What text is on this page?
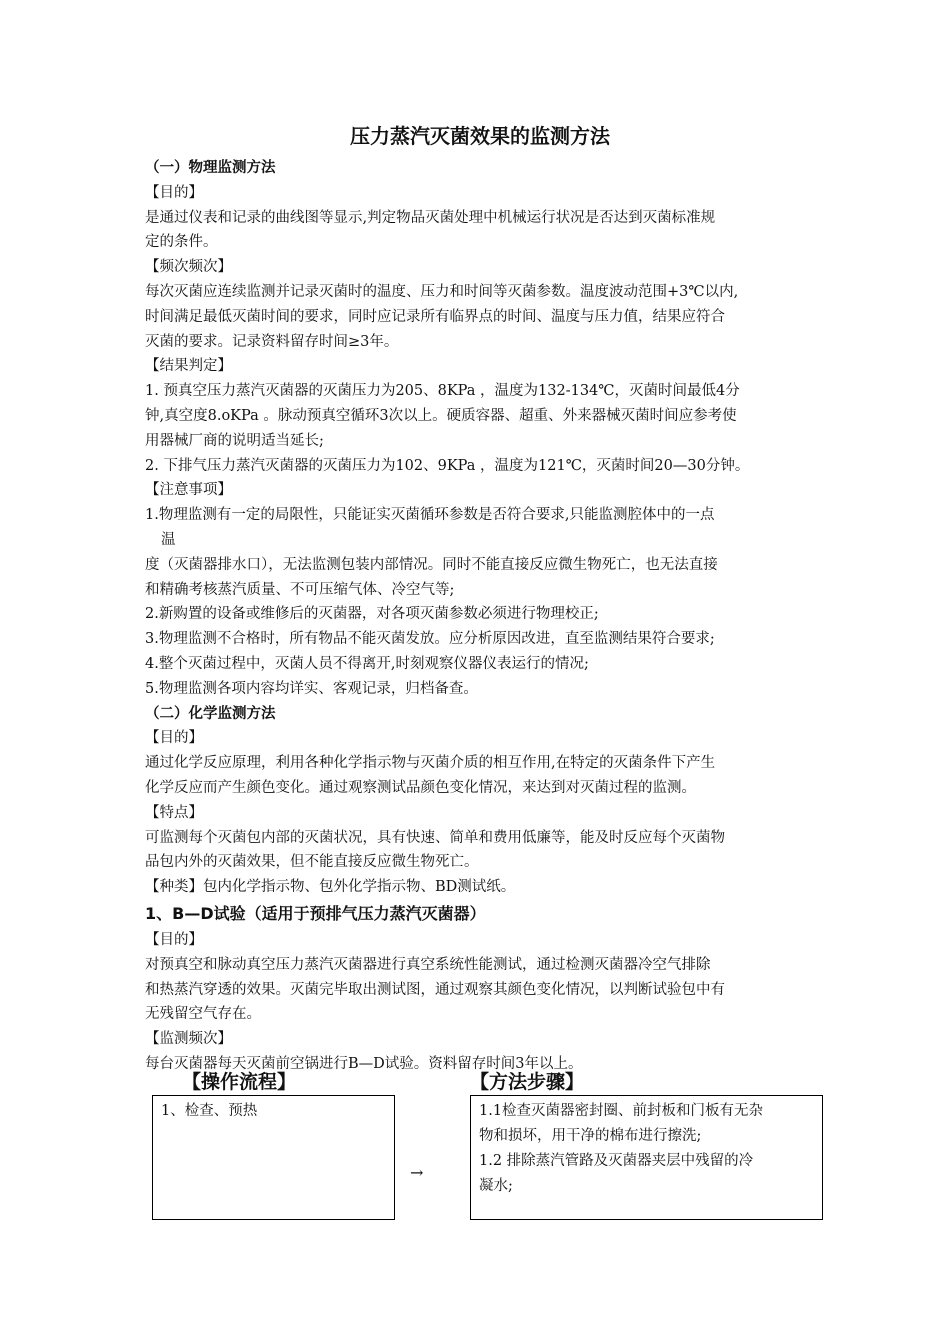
压力蒸汽灭菌效果的监测方法
（一）物理监测方法
【目的】
是通过仪表和记录的曲线图等显示,判定物品灭菌处理中机械运行状况是否达到灭菌标准规
定的条件。
【频次频次】
每次灭菌应连续监测并记录灭菌时的温度、压力和时间等灭菌参数。温度波动范围+3℃以内,
时间满足最低灭菌时间的要求，同时应记录所有临界点的时间、温度与压力值，结果应符合
灭菌的要求。记录资料留存时间≥3年。
【结果判定】
1. 预真空压力蒸汽灭菌器的灭菌压力为205、8KPa ，温度为132-134℃，灭菌时间最低4分
钟,真空度8.oKPa 。脉动预真空循环3次以上。硬质容器、超重、外来器械灭菌时间应参考使
用器械厂商的说明适当延长;
2. 下排气压力蒸汽灭菌器的灭菌压力为102、9KPa ，温度为121℃，灭菌时间20—30分钟。
【注意事项】
1.物理监测有一定的局限性，只能证实灭菌循环参数是否符合要求,只能监测腔体中的一点
温
度（灭菌器排水口），无法监测包装内部情况。同时不能直接反应微生物死亡，也无法直接
和精确考核蒸汽质量、不可压缩气体、冷空气等;
2.新购置的设备或维修后的灭菌器，对各项灭菌参数必须进行物理校正;
3.物理监测不合格时，所有物品不能灭菌发放。应分析原因改进，直至监测结果符合要求;
4.整个灭菌过程中，灭菌人员不得离开,时刻观察仪器仪表运行的情况;
5.物理监测各项内容均详实、客观记录，归档备查。
（二）化学监测方法
【目的】
通过化学反应原理，利用各种化学指示物与灭菌介质的相互作用,在特定的灭菌条件下产生
化学反应而产生颜色变化。通过观察测试品颜色变化情况，来达到对灭菌过程的监测。
【特点】
可监测每个灭菌包内部的灭菌状况，具有快速、简单和费用低廉等，能及时反应每个灭菌物
品包内外的灭菌效果，但不能直接反应微生物死亡。
【种类】包内化学指示物、包外化学指示物、BD测试纸。
1、B—D试验（适用于预排气压力蒸汽灭菌器）
【目的】
对预真空和脉动真空压力蒸汽灭菌器进行真空系统性能测试，通过检测灭菌器冷空气排除
和热蒸汽穿透的效果。灭菌完毕取出测试图，通过观察其颜色变化情况，以判断试验包中有
无残留空气存在。
【监测频次】
每台灭菌器每天灭菌前空锅进行B—D试验。资料留存时间3年以上。
【操作流程】	【方法步骤】
1、检查、预热
→
1.1检查灭菌器密封圈、前封板和门板有无杂
物和损坏，用干净的棉布进行擦洗;
1.2 排除蒸汽管路及灭菌器夹层中残留的冷
凝水;
